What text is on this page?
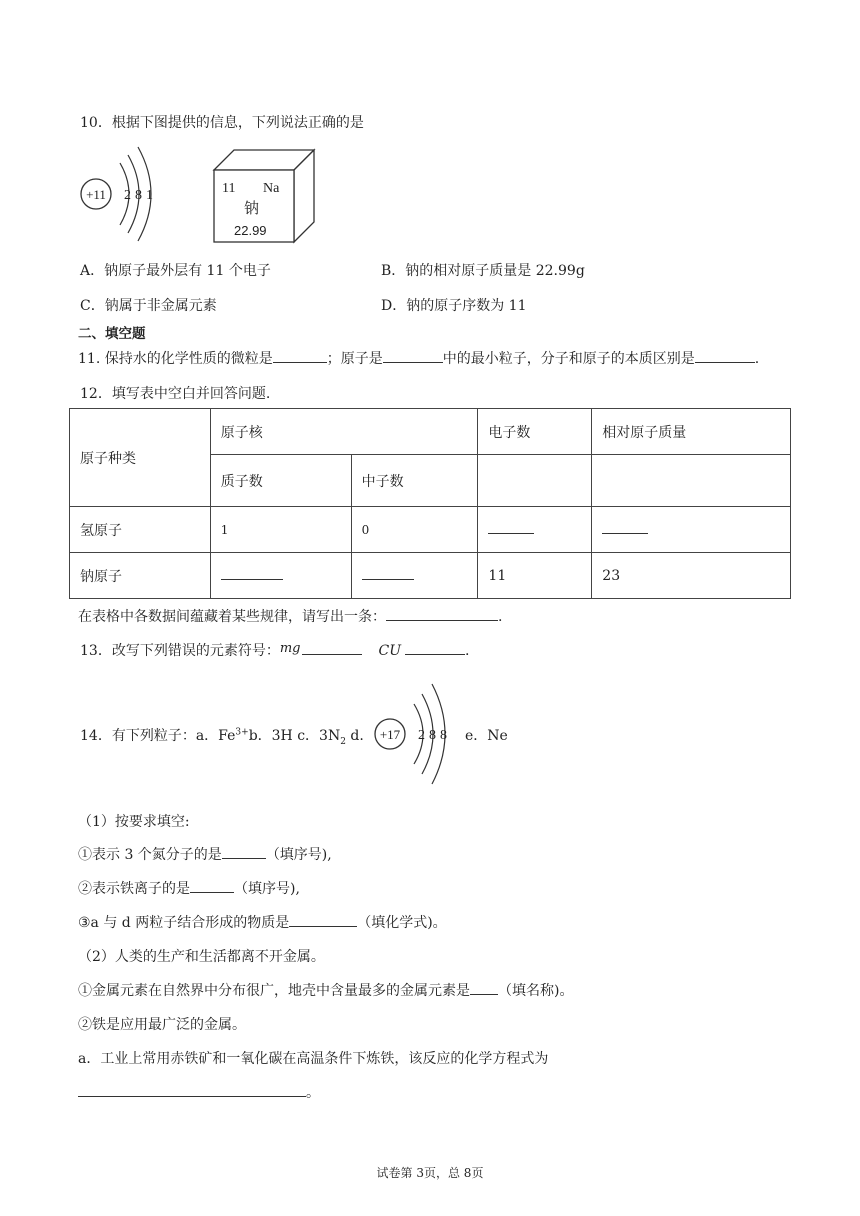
10．根据下图提供的信息，下列说法正确的是
+11 2 8 1	11 Na
钠
22.99
A．钠原子最外层有 11 个电子	B．钠的相对原子质量是 22.99g
C．钠属于非金属元素	D．钠的原子序数为 11
二、填空题
11. 保持水的化学性质的微粒是	；原子是	中的最小粒子，分子和原子的本质区别是	.
12．填写表中空白并回答问题.
原子种类	原子核		电子数	相对原子质量
	质子数	中子数		
氢原子	1	0		
钠原子			11	23
在表格中各数据间蕴藏着某些规律，请写出一条：	.
13．改写下列错误的元素符号：mg	CU	.
14．有下列粒子：a．$Fe^{3+}b$．3H c．$3N_2$ d. +17 2 8 8 e．Ne
（1）按要求填空:
①表示 3 个氮分子的是	（填序号),
②表示铁离子的是	（填序号),
③a 与 d 两粒子结合形成的物质是	（填化学式)。
（2）人类的生产和生活都离不开金属。
①金属元素在自然界中分布很广，地壳中含量最多的金属元素是 （填名称)。
②铁是应用最广泛的金属。
a．工业上常用赤铁矿和一氧化碳在高温条件下炼铁，该反应的化学方程式为
。
试卷第 3页，总 8页
